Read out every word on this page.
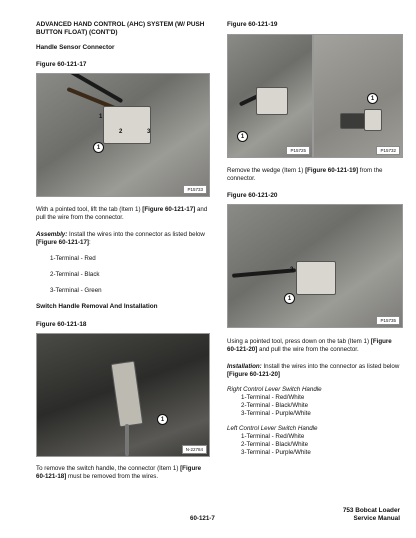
ADVANCED HAND CONTROL (AHC) SYSTEM (W/ PUSH BUTTON FLOAT) (CONT'D)

Handle Sensor Connector

Figure 60-121-17

1
2	3
1
P15733

With a pointed tool, lift the tab (Item 1) [Figure 60-121-17] and pull the wire from the connector.

Assembly: Install the wires into the connector as listed below [Figure 60-121-17]:

1-Terminal - Red

2-Terminal - Black

3-Terminal - Green

Switch Handle Removal And Installation

Figure 60-121-18

1
N-22784

To remove the switch handle, the connector (Item 1) [Figure 60-121-18] must be removed from the wires.

Figure 60-121-19

1
P15725
1
P15732

Remove the wedge (Item 1) [Figure 60-121-19] from the connector.

Figure 60-121-20

3
1
P15735

Using a pointed tool, press down on the tab (Item 1) [Figure 60-121-20] and pull the wire from the connector.

Installation: Install the wires into the connector as listed below [Figure 60-121-20]

Right Control Lever Switch Handle

1-Terminal - Red/White

2-Terminal - Black/White

3-Terminal - Purple/White

Left Control Lever Switch Handle

1-Terminal - Red/White

2-Terminal - Black/White

3-Terminal - Purple/White

60-121-7
753 Bobcat Loader
Service Manual
